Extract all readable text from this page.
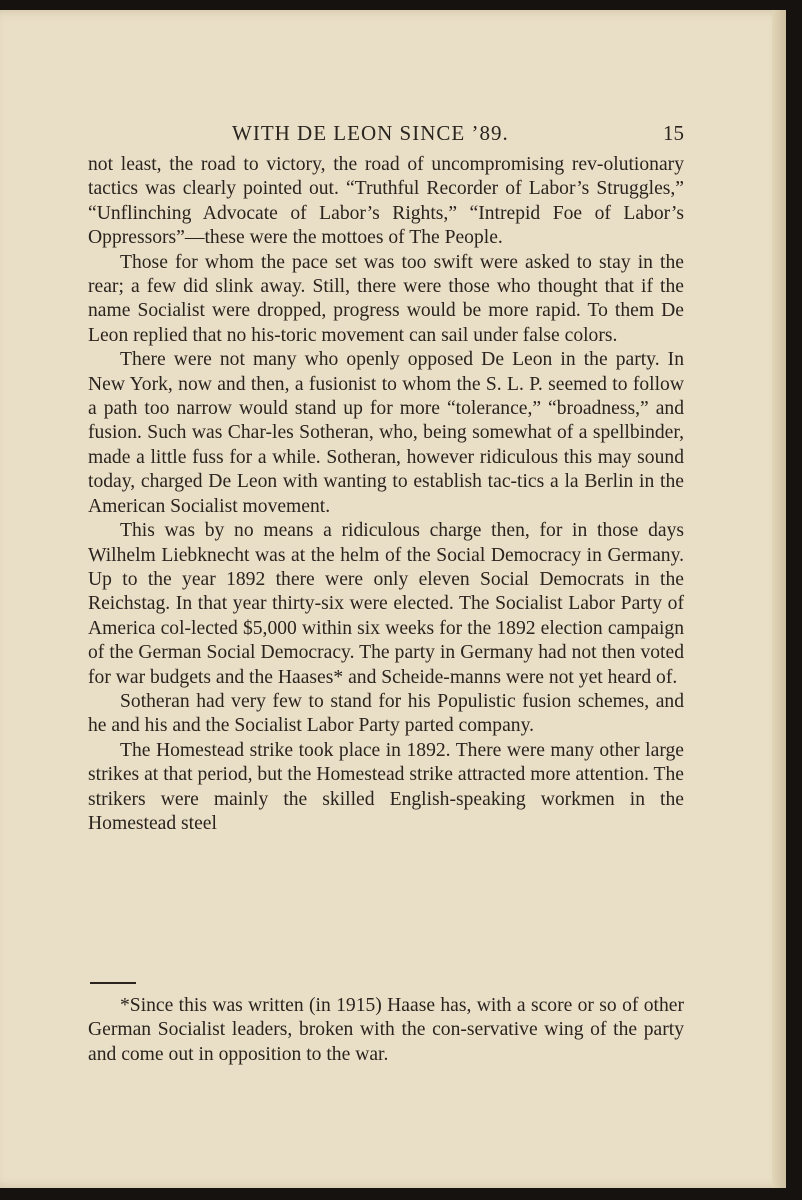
WITH DE LEON SINCE ’89.	15

not least, the road to victory, the road of uncompromising rev-olutionary tactics was clearly pointed out. “Truthful Recorder of Labor’s Struggles,” “Unflinching Advocate of Labor’s Rights,” “Intrepid Foe of Labor’s Oppressors”—these were the mottoes of The People.

Those for whom the pace set was too swift were asked to stay in the rear; a few did slink away. Still, there were those who thought that if the name Socialist were dropped, progress would be more rapid. To them De Leon replied that no his-toric movement can sail under false colors.

There were not many who openly opposed De Leon in the party. In New York, now and then, a fusionist to whom the S. L. P. seemed to follow a path too narrow would stand up for more “tolerance,” “broadness,” and fusion. Such was Char-les Sotheran, who, being somewhat of a spellbinder, made a little fuss for a while. Sotheran, however ridiculous this may sound today, charged De Leon with wanting to establish tac-tics a la Berlin in the American Socialist movement.

This was by no means a ridiculous charge then, for in those days Wilhelm Liebknecht was at the helm of the Social Democracy in Germany. Up to the year 1892 there were only eleven Social Democrats in the Reichstag. In that year thirty-six were elected. The Socialist Labor Party of America col-lected $5,000 within six weeks for the 1892 election campaign of the German Social Democracy. The party in Germany had not then voted for war budgets and the Haases* and Scheide-manns were not yet heard of.

Sotheran had very few to stand for his Populistic fusion schemes, and he and his and the Socialist Labor Party parted company.

The Homestead strike took place in 1892. There were many other large strikes at that period, but the Homestead strike attracted more attention. The strikers were mainly the skilled English-speaking workmen in the Homestead steel

*Since this was written (in 1915) Haase has, with a score or so of other German Socialist leaders, broken with the con-servative wing of the party and come out in opposition to the war.
